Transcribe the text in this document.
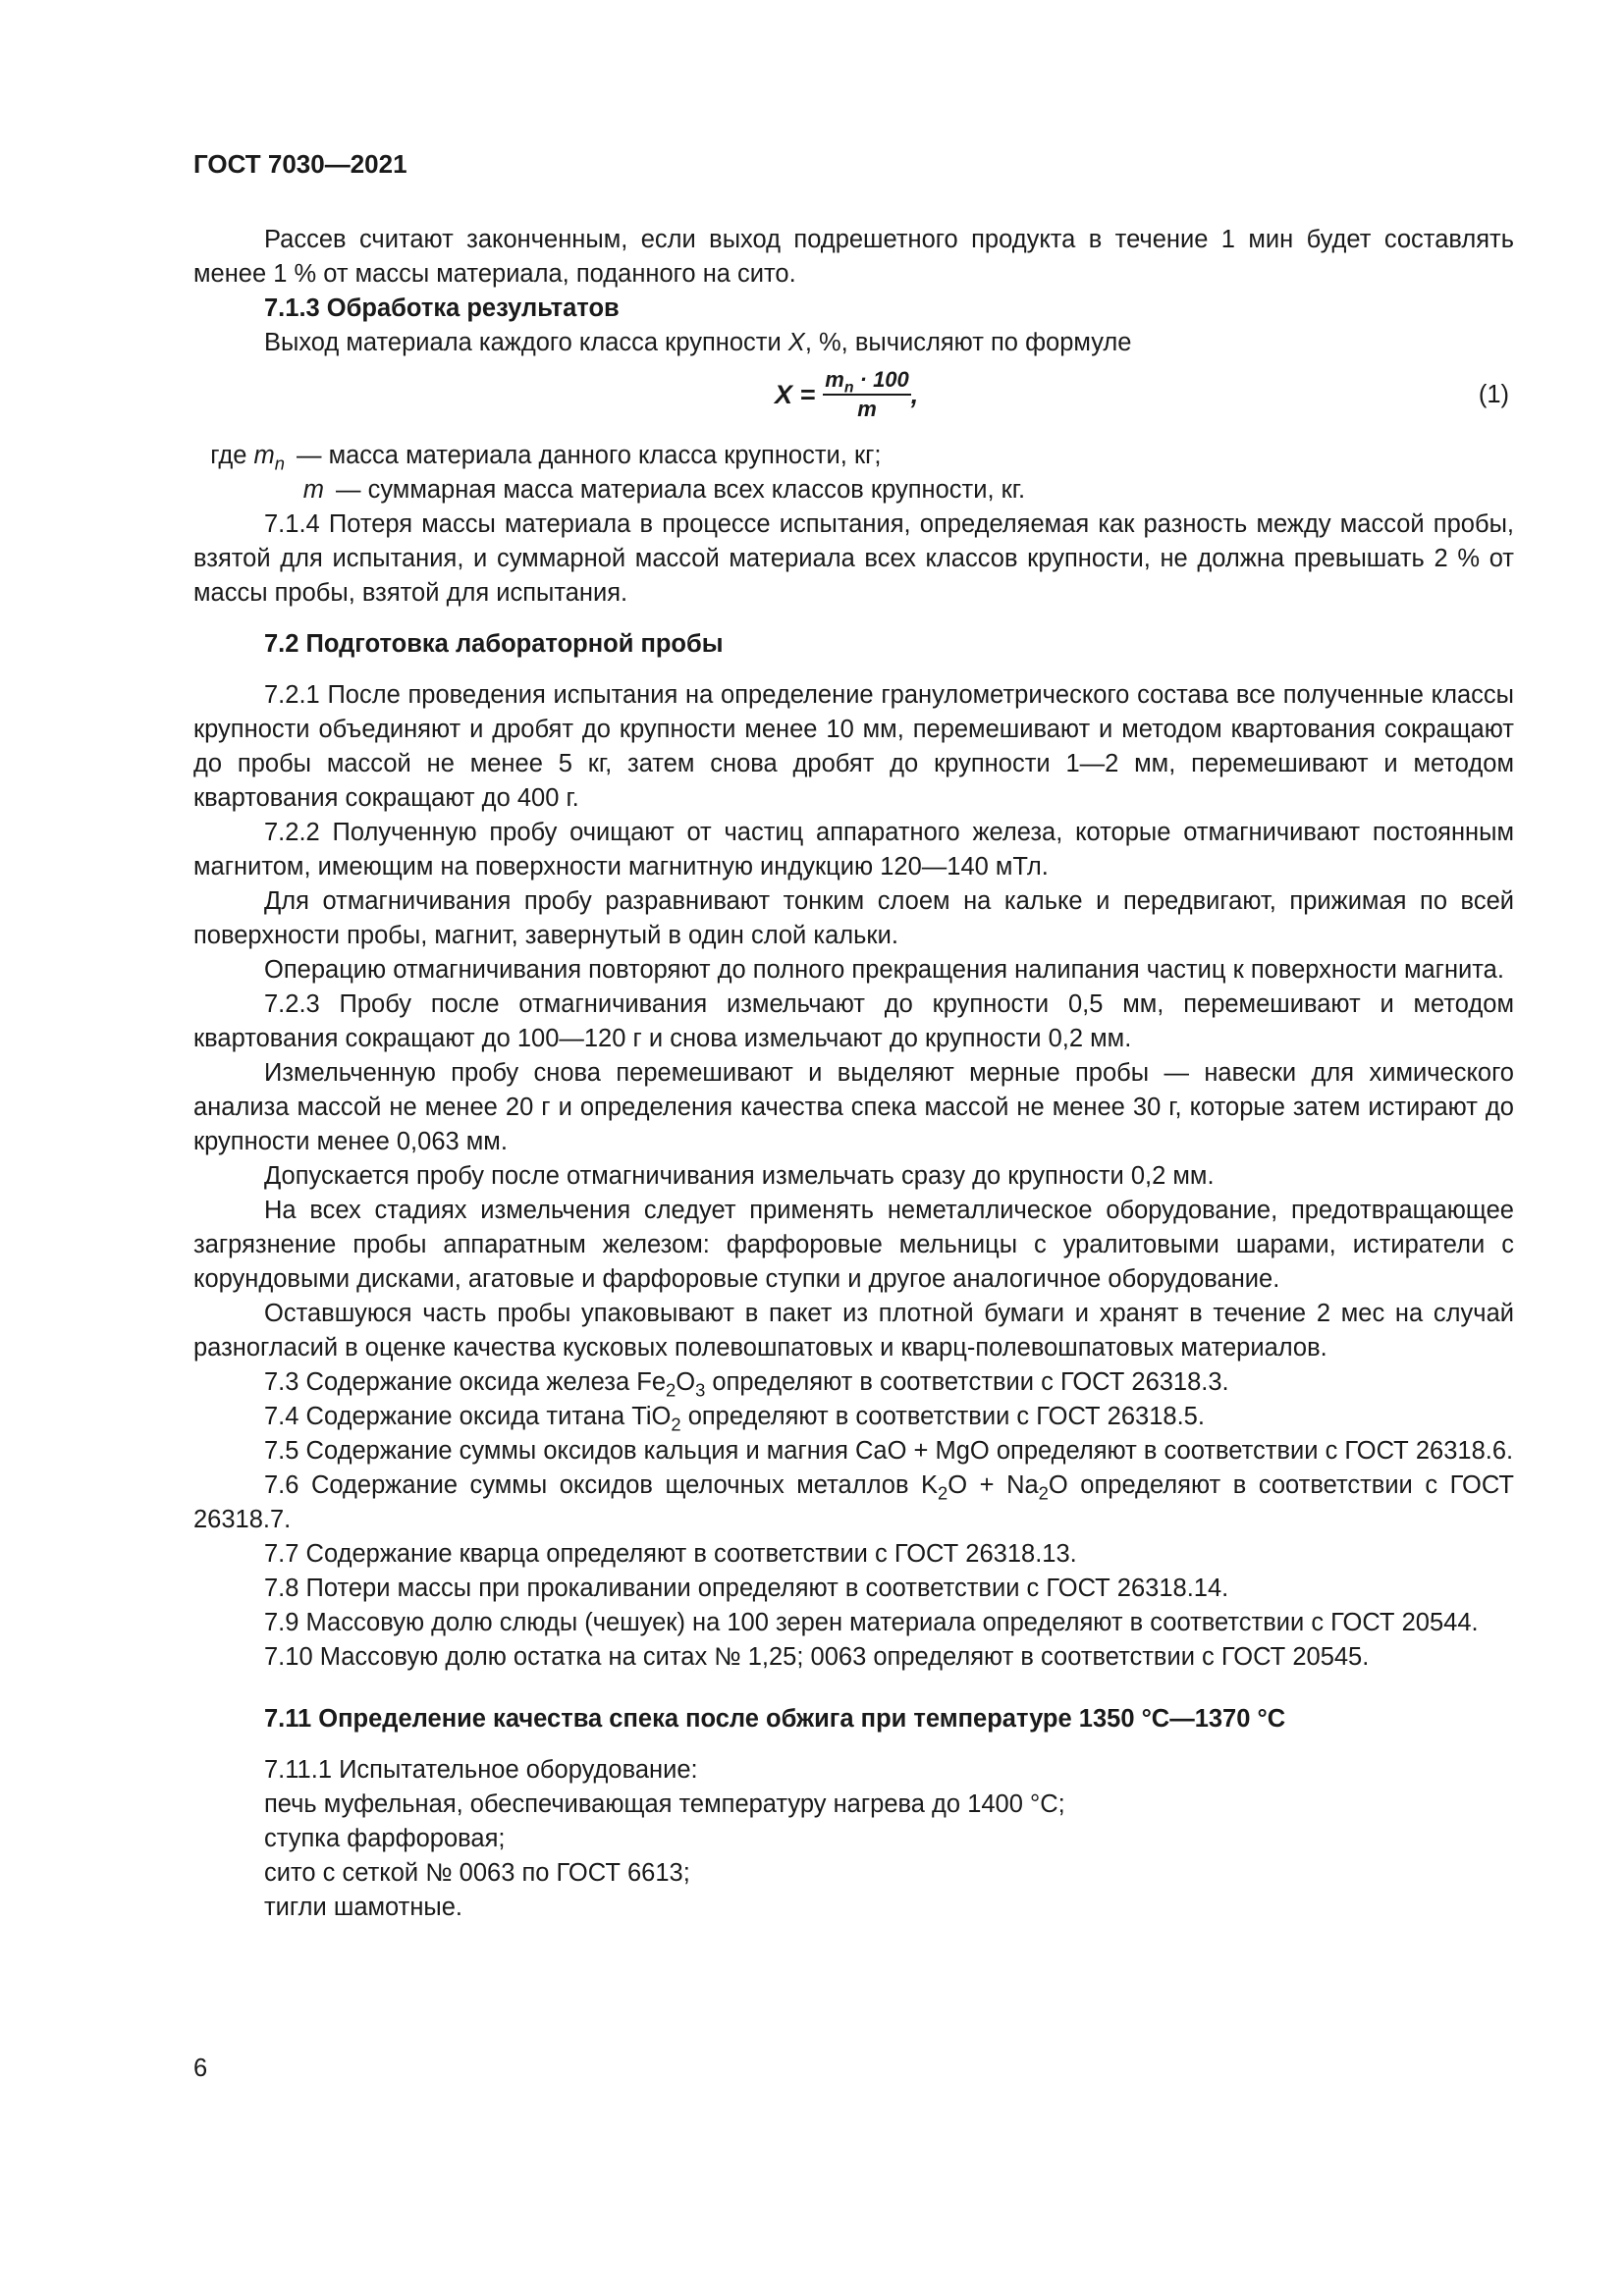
ГОСТ 7030—2021

Рассев считают законченным, если выход подрешетного продукта в течение 1 мин будет составлять менее 1 % от массы материала, поданного на сито.

7.1.3 Обработка результатов

Выход материала каждого класса крупности X, %, вычисляют по формуле

$X = \frac{m_n \cdot 100}{m}$ ,	(1)
где $m_n$ — масса материала данного класса крупности, кг;
m — суммарная масса материала всех классов крупности, кг.

7.1.4 Потеря массы материала в процессе испытания, определяемая как разность между массой пробы, взятой для испытания, и суммарной массой материала всех классов крупности, не должна превышать 2 % от массы пробы, взятой для испытания.

7.2 Подготовка лабораторной пробы

7.2.1 После проведения испытания на определение гранулометрического состава все полученные классы крупности объединяют и дробят до крупности менее 10 мм, перемешивают и методом квартования сокращают до пробы массой не менее 5 кг, затем снова дробят до крупности 1—2 мм, перемешивают и методом квартования сокращают до 400 г.

7.2.2 Полученную пробу очищают от частиц аппаратного железа, которые отмагничивают постоянным магнитом, имеющим на поверхности магнитную индукцию 120—140 мТл.

Для отмагничивания пробу разравнивают тонким слоем на кальке и передвигают, прижимая по всей поверхности пробы, магнит, завернутый в один слой кальки.

Операцию отмагничивания повторяют до полного прекращения налипания частиц к поверхности магнита.

7.2.3 Пробу после отмагничивания измельчают до крупности 0,5 мм, перемешивают и методом квартования сокращают до 100—120 г и снова измельчают до крупности 0,2 мм.

Измельченную пробу снова перемешивают и выделяют мерные пробы — навески для химического анализа массой не менее 20 г и определения качества спека массой не менее 30 г, которые затем истирают до крупности менее 0,063 мм.

Допускается пробу после отмагничивания измельчать сразу до крупности 0,2 мм.

На всех стадиях измельчения следует применять неметаллическое оборудование, предотвращающее загрязнение пробы аппаратным железом: фарфоровые мельницы с уралитовыми шарами, истиратели с корундовыми дисками, агатовые и фарфоровые ступки и другое аналогичное оборудование.

Оставшуюся часть пробы упаковывают в пакет из плотной бумаги и хранят в течение 2 мес на случай разногласий в оценке качества кусковых полевошпатовых и кварц-полевошпатовых материалов.

7.3 Содержание оксида железа $Fe_2O_3$ определяют в соответствии с ГОСТ 26318.3.

7.4 Содержание оксида титана TiO$_2$ определяют в соответствии с ГОСТ 26318.5.

7.5 Содержание суммы оксидов кальция и магния CaO + MgO определяют в соответствии с ГОСТ 26318.6.

7.6 Содержание суммы оксидов щелочных металлов $K_2O + Na_2O$ определяют в соответствии с ГОСТ 26318.7.

7.7 Содержание кварца определяют в соответствии с ГОСТ 26318.13.

7.8 Потери массы при прокаливании определяют в соответствии с ГОСТ 26318.14.

7.9 Массовую долю слюды (чешуек) на 100 зерен материала определяют в соответствии с ГОСТ 20544.

7.10 Массовую долю остатка на ситах № 1,25; 0063 определяют в соответствии с ГОСТ 20545.

7.11 Определение качества спека после обжига при температуре 1350 °С—1370 °С

7.11.1 Испытательное оборудование:

печь муфельная, обеспечивающая температуру нагрева до 1400 °С;

ступка фарфоровая;

сито с сеткой № 0063 по ГОСТ 6613;

тигли шамотные.

6
